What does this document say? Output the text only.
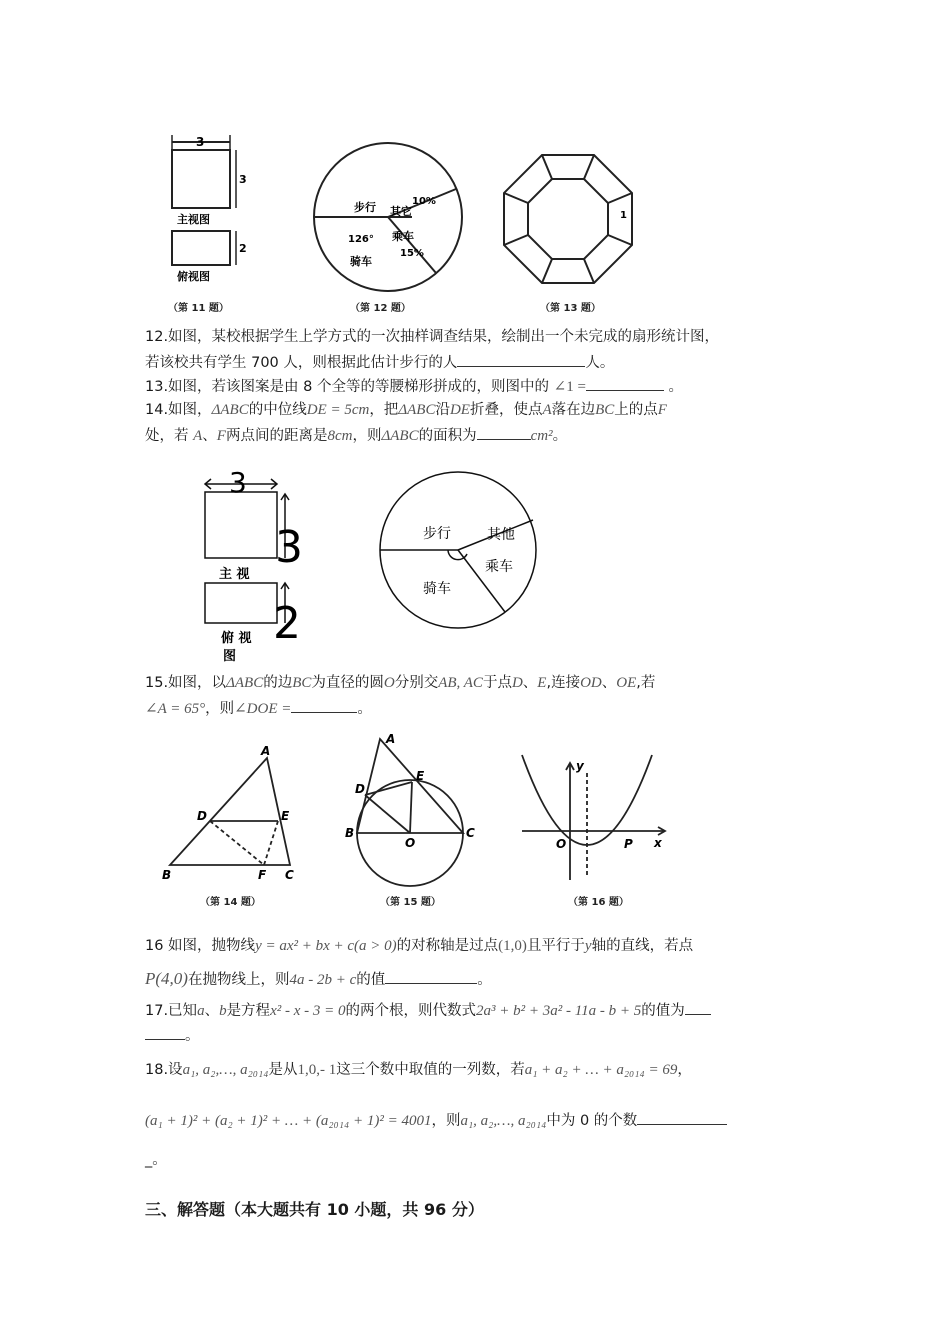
3
3
2
主视图
俯视图
（第 11 题）
步行 其它
10%
乘车
15%
126°
骑车
（第 12 题）
1
（第 13 题）
12.如图，某校根据学生上学方式的一次抽样调查结果，绘制出一个未完成的扇形统计图，
若该校共有学生 700 人，则根据此估计步行的人	人。
13.如图，若该图案是由 8 个全等的等腰梯形拼成的，则图中的 ∠1 =	。
14.如图，ΔABC的中位线DE = 5cm，把ΔABC沿DE折叠，使点A落在边BC上的点F
处，若 A、F两点间的距离是8cm，则ΔABC的面积为	cm²。
3
3
2
主 视
俯 视
图
步行	其他
乘车
骑车
15.如图，以ΔABC的边BC为直径的圆O分别交AB, AC于点D、E,连接OD、OE,若
∠A = 65°，则∠DOE =	。
A
B	C
D	E
F
（第 14 题）
A
B	C
D
E
O
（第 15 题）
y
x
O	P
（第 16 题）
16 如图，抛物线y = ax² + bx + c(a > 0)的对称轴是过点(1,0)且平行于y轴的直线，若点
P(4,0)在抛物线上，则4a - 2b + c的值	。
17.已知a、b是方程x² - x - 3 = 0的两个根，则代数式2a³ + b² + 3a² - 11a - b + 5的值为
。
18.设a₁, a₂,…, a₂₀₁₄是从1,0,- 1这三个数中取值的一列数，若a₁ + a₂ + … + a₂₀₁₄ = 69，
(a₁ + 1)² + (a₂ + 1)² + … + (a₂₀₁₄ + 1)² = 4001，则a₁, a₂,…, a₂₀₁₄中为 0 的个数
_。
三、解答题（本大题共有 10 小题，共 96 分）
